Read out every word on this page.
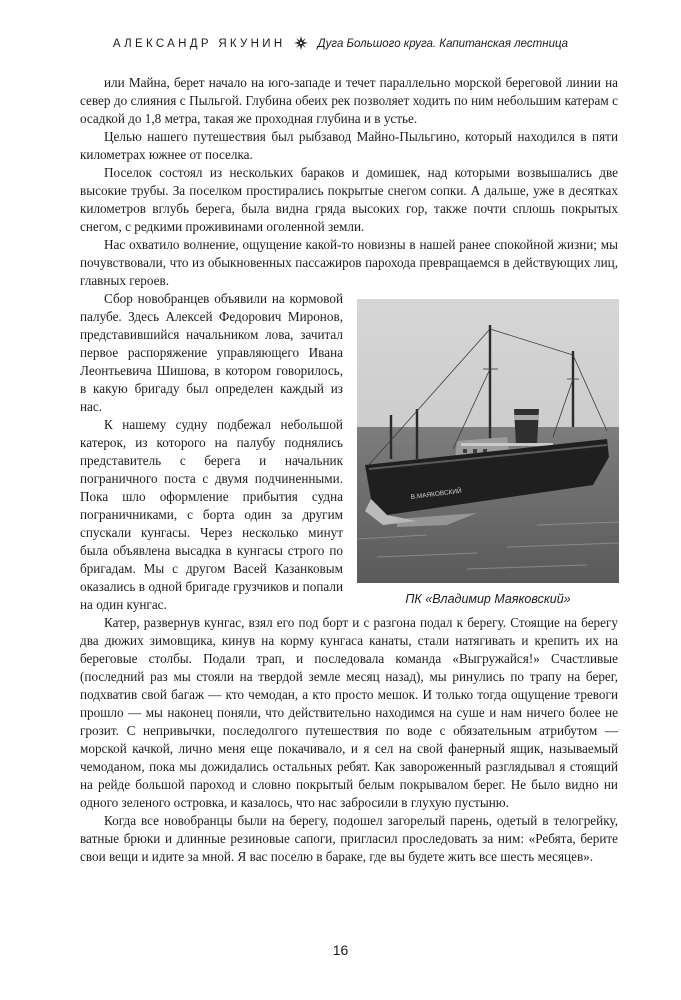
АЛЕКСАНДР ЯКУНИН	Дуга Большого круга. Капитанская лестница

или Майна, берет начало на юго-западе и течет параллельно морской береговой линии на север до слияния с Пыльгой. Глубина обеих рек позволяет ходить по ним небольшим катерам с осадкой до 1,8 метра, такая же проходная глубина и в устье.

Целью нашего путешествия был рыбзавод Майно-Пыльгино, который находился в пяти километрах южнее от поселка.

Поселок состоял из нескольких бараков и домишек, над которыми возвышались две высокие трубы. За поселком простирались покрытые снегом сопки. А дальше, уже в десятках километров вглубь берега, была видна гряда высоких гор, также почти сплошь покрытых снегом, с редкими проживинами оголенной земли.

Нас охватило волнение, ощущение какой-то новизны в нашей ранее спокойной жизни; мы почувствовали, что из обыкновенных пассажиров парохода превращаемся в действующих лиц, главных героев.

В.МАЯКОВСКИЙ
ПК «Владимир Маяковский»

Сбор новобранцев объявили на кормовой палубе. Здесь Алексей Федорович Миронов, представившийся начальником лова, зачитал первое распоряжение управляющего Ивана Леонтьевича Шишова, в котором говорилось, в какую бригаду был определен каждый из нас.

К нашему судну подбежал небольшой катерок, из которого на палубу поднялись представитель с берега и начальник пограничного поста с двумя подчиненными. Пока шло оформление прибытия судна пограничниками, с борта один за другим спускали кунгасы. Через несколько минут была объявлена высадка в кунгасы строго по бригадам. Мы с другом Васей Казанковым оказались в одной бригаде грузчиков и попали на один кунгас.

Катер, развернув кунгас, взял его под борт и с разгона подал к берегу. Стоящие на берегу два дюжих зимовщика, кинув на корму кунгаса канаты, стали натягивать и крепить их на береговые столбы. Подали трап, и последовала команда «Выгружайся!» Счастливые (последний раз мы стояли на твердой земле месяц назад), мы ринулись по трапу на берег, подхватив свой багаж — кто чемодан, а кто просто мешок. И только тогда ощущение тревоги прошло — мы наконец поняли, что действительно находимся на суше и нам ничего более не грозит. С непривычки, последолгого путешествия по воде с обязательным атрибутом — морской качкой, лично меня еще покачивало, и я сел на свой фанерный ящик, называемый чемоданом, пока мы дожидались остальных ребят. Как завороженный разглядывал я стоящий на рейде большой пароход и словно покрытый белым покрывалом берег. Не было видно ни одного зеленого островка, и казалось, что нас забросили в глухую пустыню.

Когда все новобранцы были на берегу, подошел загорелый парень, одетый в телогрейку, ватные брюки и длинные резиновые сапоги, пригласил проследовать за ним: «Ребята, берите свои вещи и идите за мной. Я вас поселю в бараке, где вы будете жить все шесть месяцев».

16
